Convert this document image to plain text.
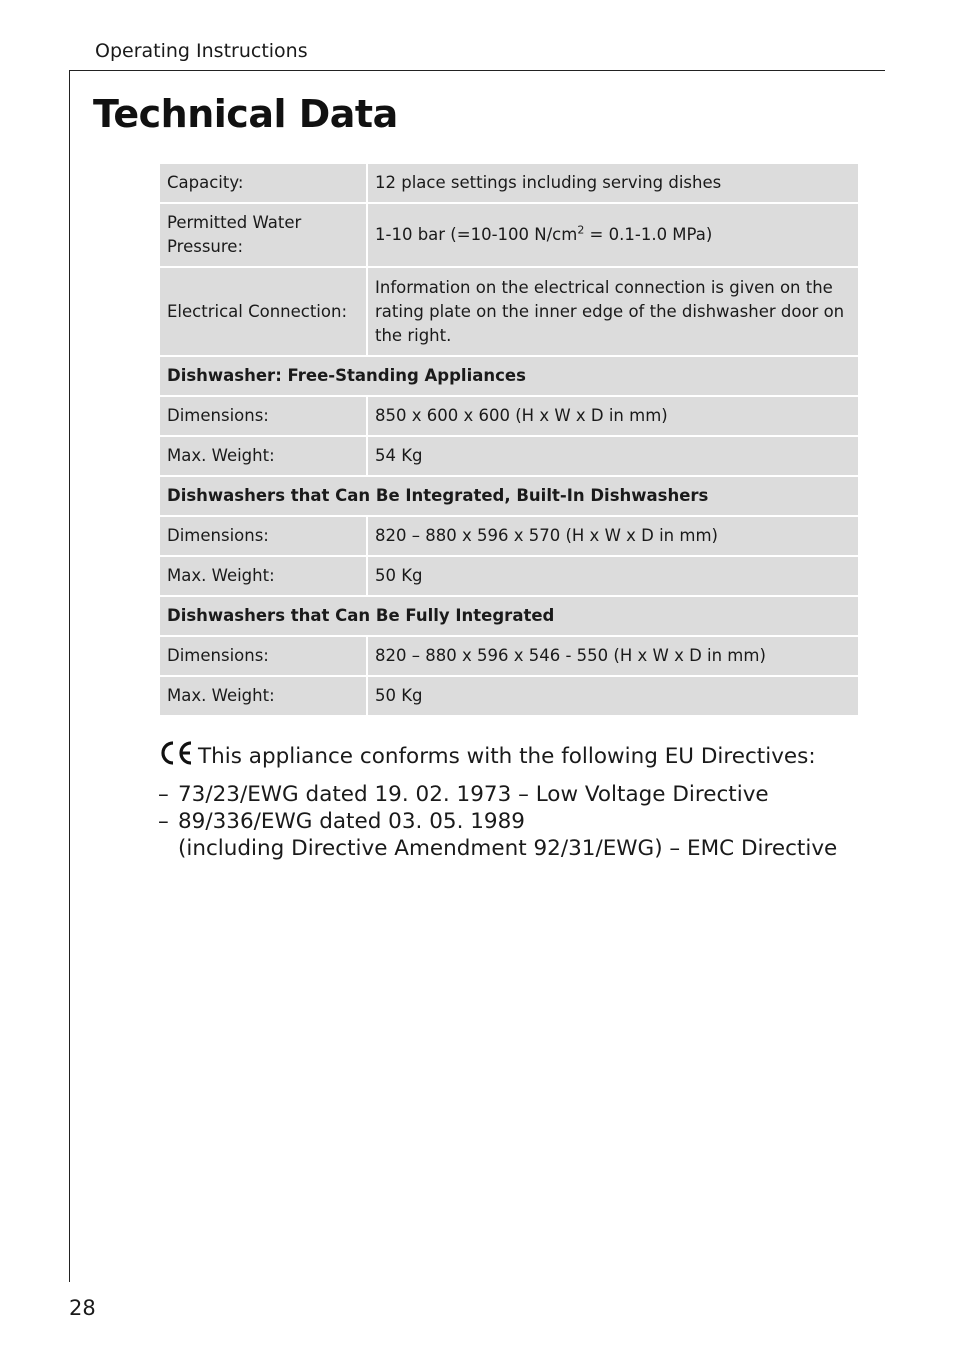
Operating Instructions
Technical Data
Capacity:	12 place settings including serving dishes
Permitted Water Pressure:	1-10 bar (=10-100 $N/cm^2 = 0.1-1.0$ MPa)
Electrical Connection:	Information on the electrical connection is given on the rating plate on the inner edge of the dishwasher door on the right.
Dishwasher: Free-Standing Appliances	
Dimensions:	850 x 600 x 600 (H x W x D in mm)
Max. Weight:	54 Kg
Dishwashers that Can Be Integrated, Built-In Dishwashers	
Dimensions:	820 – 880 x 596 x 570 (H x W x D in mm)
Max. Weight:	50 Kg
Dishwashers that Can Be Fully Integrated	
Dimensions:	820 – 880 x 596 x 546 - 550 (H x W x D in mm)
Max. Weight:	50 Kg
This appliance conforms with the following EU Directives:
– 73/23/EWG dated 19. 02. 1973 – Low Voltage Directive
– 89/336/EWG dated 03. 05. 1989
(including Directive Amendment 92/31/EWG) – EMC Directive
28
